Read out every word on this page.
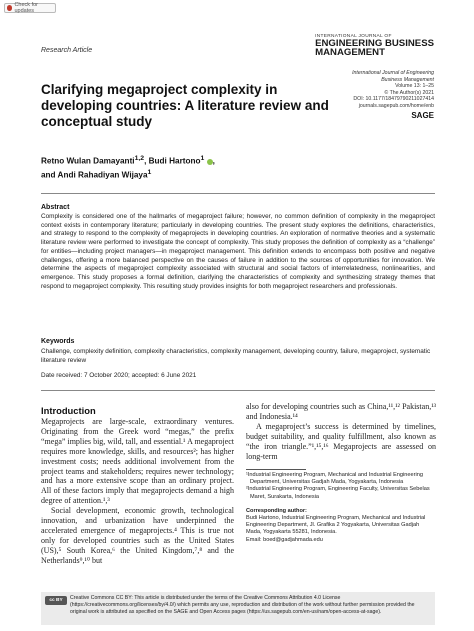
Check for updates
Research Article
INTERNATIONAL JOURNAL OF
ENGINEERING BUSINESS
MANAGEMENT
International Journal of Engineering
Business Management
Volume 13: 1–25
© The Author(s) 2021
DOI: 10.1177/18479790211027414
journals.sagepub.com/home/enb
SAGE
Clarifying megaproject complexity in developing countries: A literature review and conceptual study
Retno Wulan Damayanti$^{1,2}$, Budi Hartono$^1$ ,
and Andi Rahadiyan Wijaya$^1$
Abstract
Complexity is considered one of the hallmarks of megaproject failure; however, no common definition of complexity in the megaproject context exists in contemporary literature; particularly in developing countries. The present study explores the definitions, characteristics, and strategy to respond to the complexity of megaprojects in developing countries. An exploration of normative theories and a systematic literature review were performed to investigate the concept of complexity. This study proposes the definition of complexity as a “challenge” for entities—including project managers—in megaproject management. This definition extends to encompass both positive and negative challenges, offering a more balanced perspective on the causes of failure in addition to the sources of opportunities for innovation. We determine the aspects of megaproject complexity associated with structural and social factors of interrelatedness, nonlinearities, and emergence. This study proposes a formal definition, clarifying the characteristics of complexity and synthesizing strategy themes that respond to megaproject complexity. This resulting study provides insights for both megaproject researchers and professionals.
Keywords
Challenge, complexity definition, complexity characteristics, complexity management, developing country, failure, megaproject, systematic literature review
Date received: 7 October 2020; accepted: 6 June 2021
Introduction

Megaprojects are large-scale, extraordinary ventures. Originating from the Greek word “megas,” the prefix “mega” implies big, wild, tall, and essential.¹ A megaproject requires more knowledge, skills, and resources²; has higher investment costs; needs additional involvement from the project teams and stakeholders; requires newer technology; and has a more extensive scope than an ordinary project. All of these factors imply that megaprojects demand a high degree of attention.¹,³

Social development, economic growth, technological innovation, and urbanization have underpinned the accelerated emergence of megaprojects.⁴ This is true not only for developed countries such as the United States (US),⁵ South Korea,⁶ the United Kingdom,⁷,⁸ and the Netherlands⁹,¹⁰ but

also for developing countries such as China,¹¹,¹² Pakistan,¹³ and Indonesia.¹⁴

A megaproject’s success is determined by timelines, budget suitability, and quality fulfillment, also known as “the iron triangle.”¹,¹⁵,¹⁶ Megaprojects are assessed on long-term

¹Industrial Engineering Program, Mechanical and Industrial Engineering Department, Universitas Gadjah Mada, Yogyakarta, Indonesia
²Industrial Engineering Program, Engineering Faculty, Universitas Sebelas Maret, Surakarta, Indonesia
Corresponding author:
Budi Hartono, Industrial Engineering Program, Mechanical and Industrial Engineering Department, Jl. Grafika 2 Yogyakarta, Universitas Gadjah Mada, Yogyakarta 55281, Indonesia.
Email: boed@gadjahmada.edu
cc BY	Creative Commons CC BY: This article is distributed under the terms of the Creative Commons Attribution 4.0 License (https://creativecommons.org/licenses/by/4.0/) which permits any use, reproduction and distribution of the work without further permission provided the original work is attributed as specified on the SAGE and Open Access pages (https://us.sagepub.com/en-us/nam/open-access-at-sage).
